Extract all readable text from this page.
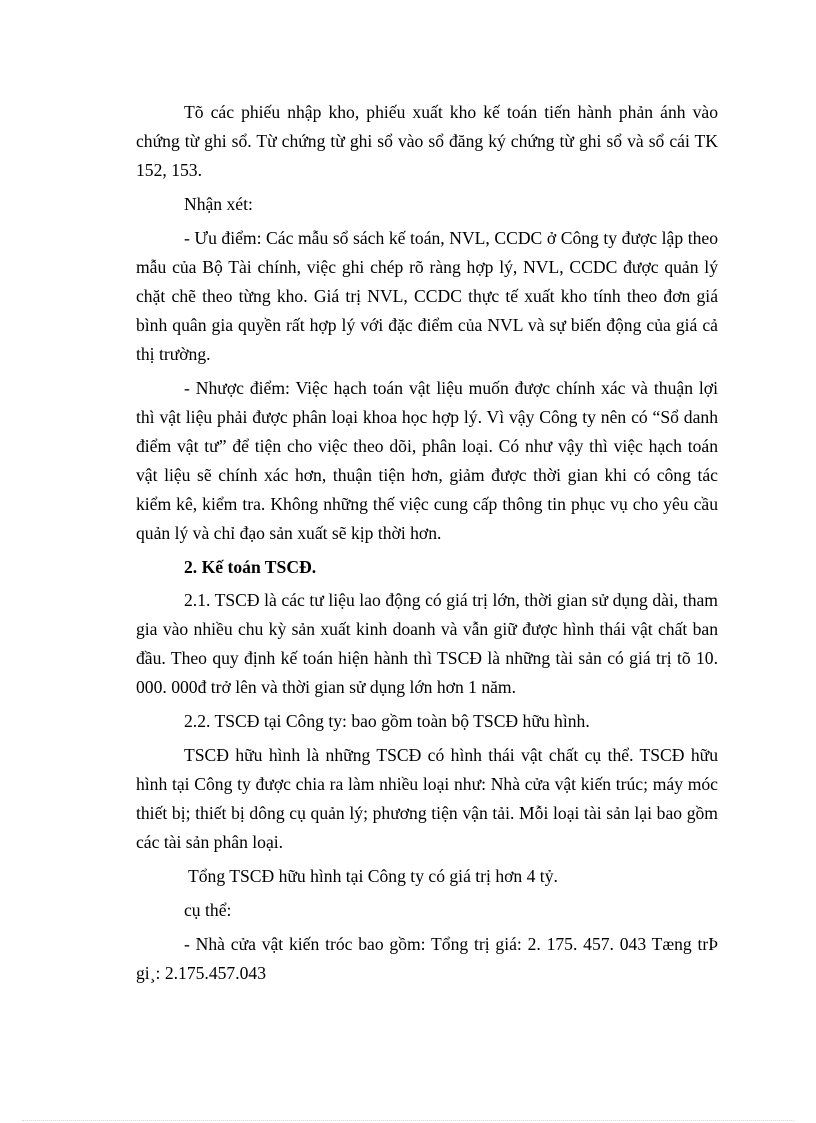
Tõ các phiếu nhập kho, phiếu xuất kho kế toán tiến hành phản ánh vào chứng từ ghi sổ. Từ chứng từ ghi sổ vào sổ đăng ký chứng từ ghi sổ và sổ cái TK 152, 153.

Nhận xét:

- Ưu điểm: Các mẫu sổ sách kế toán, NVL, CCDC ở Công ty được lập theo mẫu của Bộ Tài chính, việc ghi chép rõ ràng hợp lý, NVL, CCDC được quản lý chặt chẽ theo từng kho. Giá trị NVL, CCDC thực tế xuất kho tính theo đơn giá bình quân gia quyền rất hợp lý với đặc điểm của NVL và sự biến động của giá cả thị trường.

- Nhược điểm: Việc hạch toán vật liệu muốn được chính xác và thuận lợi thì vật liệu phải được phân loại khoa học hợp lý. Vì vậy Công ty nên có “Sổ danh điểm vật tư” để tiện cho việc theo dõi, phân loại. Có như vậy thì việc hạch toán vật liệu sẽ chính xác hơn, thuận tiện hơn, giảm được thời gian khi có công tác kiểm kê, kiểm tra. Không những thế việc cung cấp thông tin phục vụ cho yêu cầu quản lý và chỉ đạo sản xuất sẽ kịp thời hơn.

2. Kế toán TSCĐ.

2.1. TSCĐ là các tư liệu lao động có giá trị lớn, thời gian sử dụng dài, tham gia vào nhiều chu kỳ sản xuất kinh doanh và vẫn giữ được hình thái vật chất ban đầu. Theo quy định kế toán hiện hành thì TSCĐ là những tài sản có giá trị tõ 10. 000. 000đ trở lên và thời gian sử dụng lớn hơn 1 năm.

2.2. TSCĐ tại Công ty: bao gồm toàn bộ TSCĐ hữu hình.

TSCĐ hữu hình là những TSCĐ có hình thái vật chất cụ thể. TSCĐ hữu hình tại Công ty được chia ra làm nhiều loại như: Nhà cửa vật kiến trúc; máy móc thiết bị; thiết bị dông cụ quản lý; phương tiện vận tải. Mỗi loại tài sản lại bao gồm các tài sản phân loại.

Tổng TSCĐ hữu hình tại Công ty có giá trị hơn 4 tỷ.

cụ thể:

- Nhà cửa vật kiến tróc bao gồm: Tổng trị giá: 2. 175. 457. 043 Tæng trÞ gi¸: 2.175.457.043
